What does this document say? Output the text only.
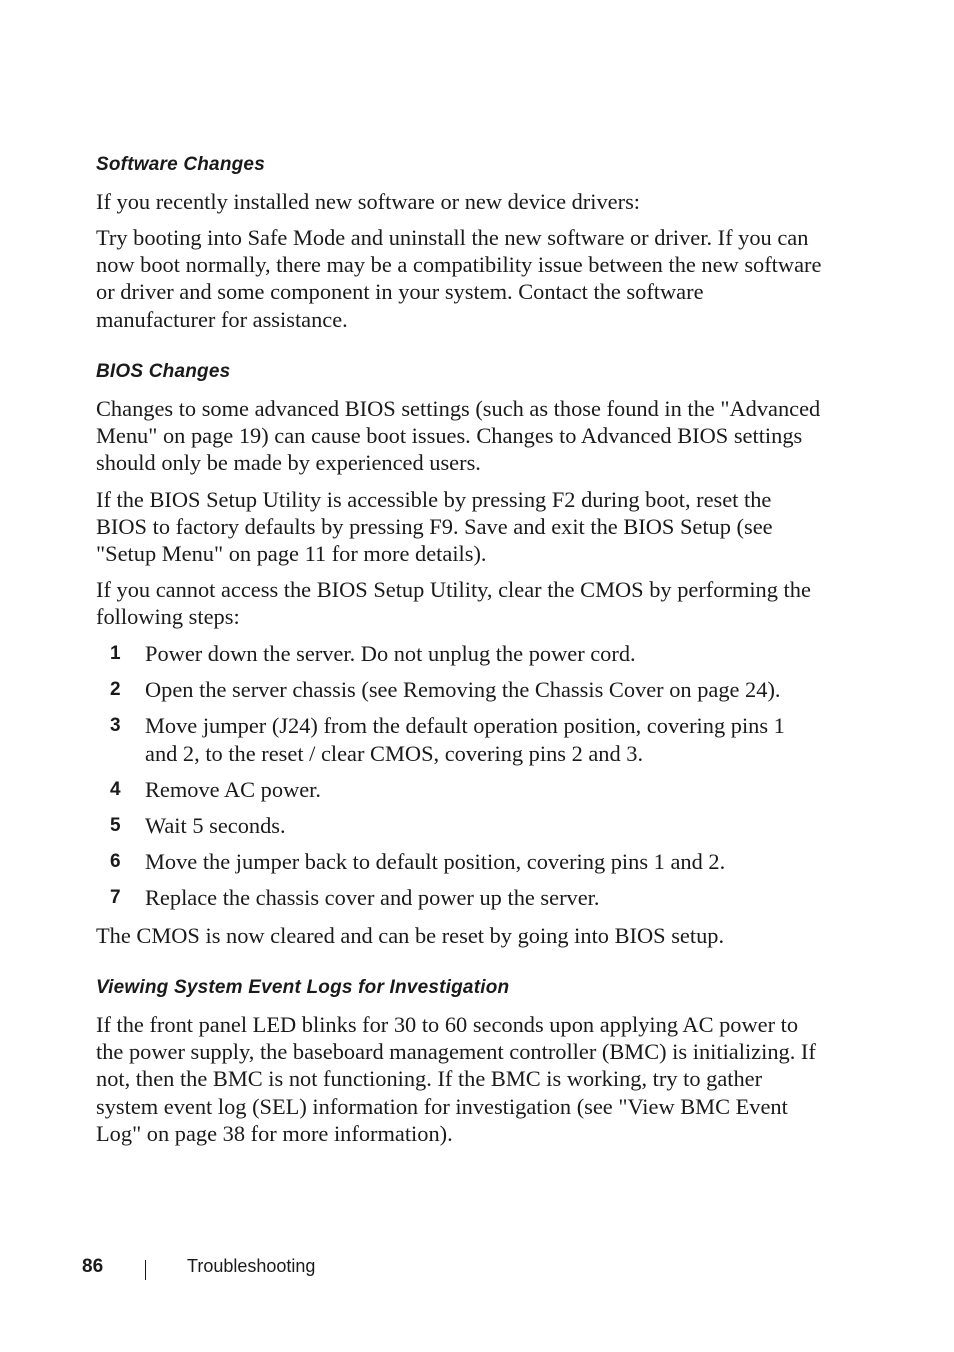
Software Changes

If you recently installed new software or new device drivers:

Try booting into Safe Mode and uninstall the new software or driver. If you can now boot normally, there may be a compatibility issue between the new software or driver and some component in your system. Contact the software manufacturer for assistance.

BIOS Changes

Changes to some advanced BIOS settings (such as those found in the "Advanced Menu" on page 19) can cause boot issues. Changes to Advanced BIOS settings should only be made by experienced users.

If the BIOS Setup Utility is accessible by pressing F2 during boot, reset the BIOS to factory defaults by pressing F9. Save and exit the BIOS Setup (see "Setup Menu" on page 11 for more details).

If you cannot access the BIOS Setup Utility, clear the CMOS by performing the following steps:

1 Power down the server. Do not unplug the power cord.
2 Open the server chassis (see Removing the Chassis Cover on page 24).
3 Move jumper (J24) from the default operation position, covering pins 1 and 2, to the reset / clear CMOS, covering pins 2 and 3.
4 Remove AC power.
5 Wait 5 seconds.
6 Move the jumper back to default position, covering pins 1 and 2.
7 Replace the chassis cover and power up the server.

The CMOS is now cleared and can be reset by going into BIOS setup.

Viewing System Event Logs for Investigation

If the front panel LED blinks for 30 to 60 seconds upon applying AC power to the power supply, the baseboard management controller (BMC) is initializing. If not, then the BMC is not functioning. If the BMC is working, try to gather system event log (SEL) information for investigation (see "View BMC Event Log" on page 38 for more information).

86	Troubleshooting
